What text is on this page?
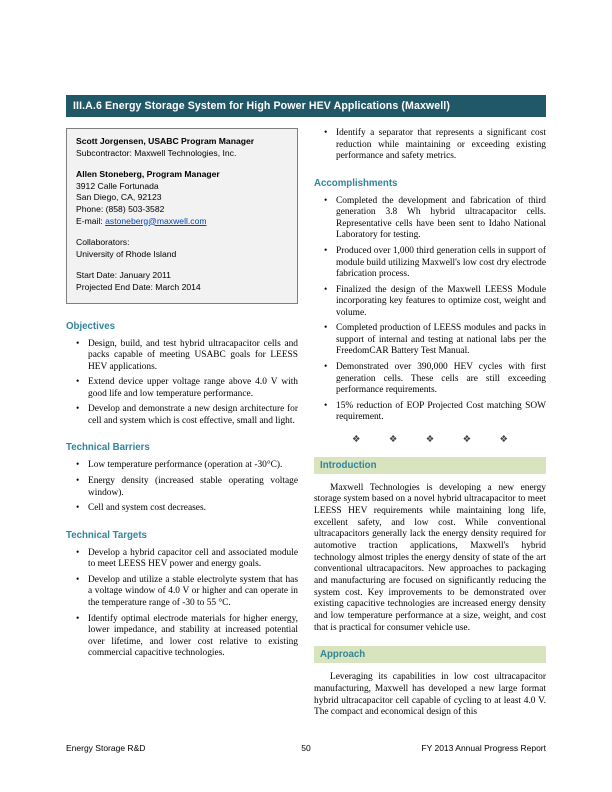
III.A.6 Energy Storage System for High Power HEV Applications (Maxwell)
Scott Jorgensen, USABC Program Manager
Subcontractor: Maxwell Technologies, Inc.
Allen Stoneberg, Program Manager
3912 Calle Fortunada
San Diego, CA, 92123
Phone: (858) 503-3582
E-mail: astoneberg@maxwell.com
Collaborators:
University of Rhode Island
Start Date: January 2011
Projected End Date: March 2014
Objectives
• Design, build, and test hybrid ultracapacitor cells and packs capable of meeting USABC goals for LEESS HEV applications.
• Extend device upper voltage range above 4.0 V with good life and low temperature performance.
• Develop and demonstrate a new design architecture for cell and system which is cost effective, small and light.
Technical Barriers
• Low temperature performance (operation at -30°C).
• Energy density (increased stable operating voltage window).
• Cell and system cost decreases.
Technical Targets
• Develop a hybrid capacitor cell and associated module to meet LEESS HEV power and energy goals.
• Develop and utilize a stable electrolyte system that has a voltage window of 4.0 V or higher and can operate in the temperature range of -30 to 55 °C.
• Identify optimal electrode materials for higher energy, lower impedance, and stability at increased potential over lifetime, and lower cost relative to existing commercial capacitive technologies.
• Identify a separator that represents a significant cost reduction while maintaining or exceeding existing performance and safety metrics.
Accomplishments
• Completed the development and fabrication of third generation 3.8 Wh hybrid ultracapacitor cells. Representative cells have been sent to Idaho National Laboratory for testing.
• Produced over 1,000 third generation cells in support of module build utilizing Maxwell's low cost dry electrode fabrication process.
• Finalized the design of the Maxwell LEESS Module incorporating key features to optimize cost, weight and volume.
• Completed production of LEESS modules and packs in support of internal and testing at national labs per the FreedomCAR Battery Test Manual.
• Demonstrated over 390,000 HEV cycles with first generation cells. These cells are still exceeding performance requirements.
• 15% reduction of EOP Projected Cost matching SOW requirement.
❖ ❖ ❖ ❖ ❖
Introduction

Maxwell Technologies is developing a new energy storage system based on a novel hybrid ultracapacitor to meet LEESS HEV requirements while maintaining long life, excellent safety, and low cost. While conventional ultracapacitors generally lack the energy density required for automotive traction applications, Maxwell's hybrid technology almost triples the energy density of state of the art conventional ultracapacitors. New approaches to packaging and manufacturing are focused on significantly reducing the system cost. Key improvements to be demonstrated over existing capacitive technologies are increased energy density and low temperature performance at a size, weight, and cost that is practical for consumer vehicle use.

Approach

Leveraging its capabilities in low cost ultracapacitor manufacturing, Maxwell has developed a new large format hybrid ultracapacitor cell capable of cycling to at least 4.0 V. The compact and economical design of this

Energy Storage R&D	50	FY 2013 Annual Progress Report
